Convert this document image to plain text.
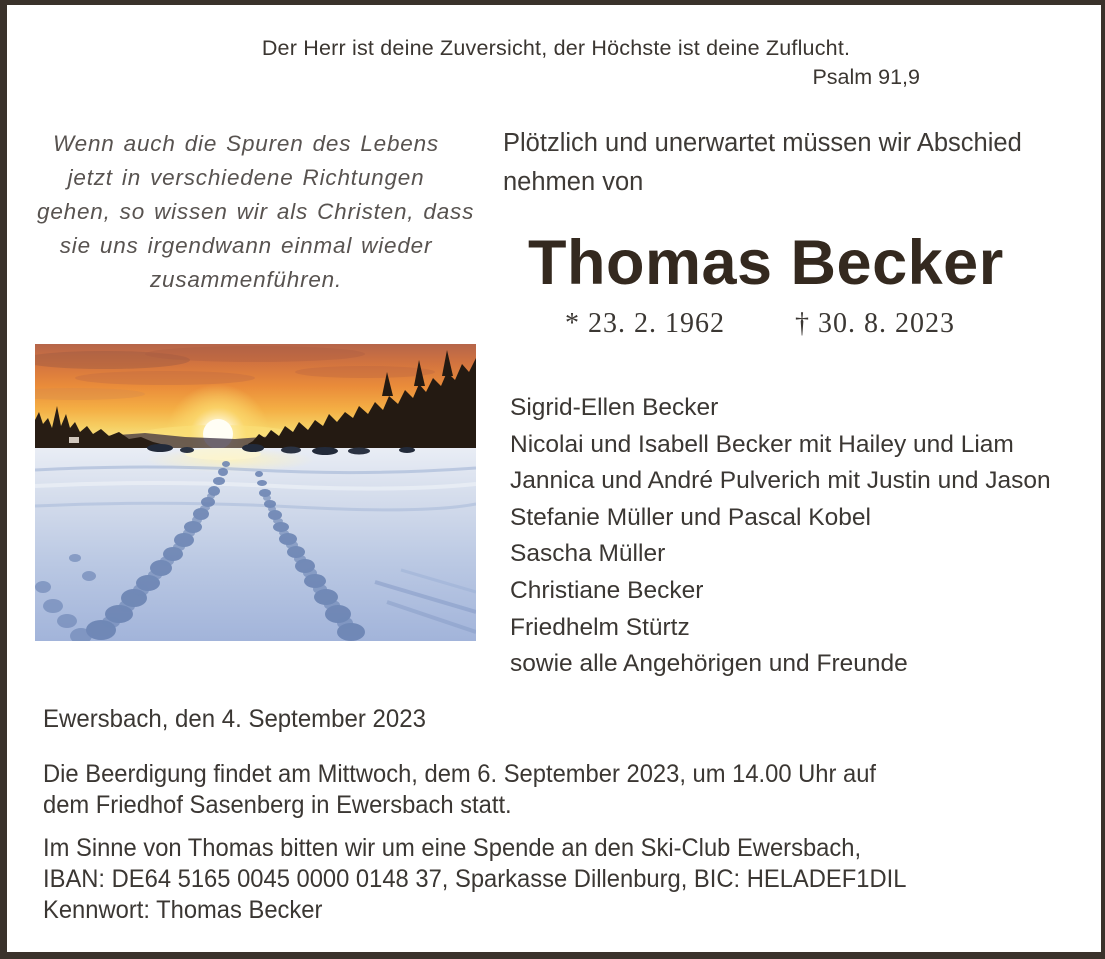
Der Herr ist deine Zuversicht, der Höchste ist deine Zuflucht.
Psalm 91,9
Wenn auch die Spuren des Lebens
jetzt in verschiedene Richtungen
gehen, so wissen wir als Christen, dass
sie uns irgendwann einmal wieder
zusammenführen.
Plötzlich und unerwartet müssen wir Abschied
nehmen von
Thomas Becker
* 23. 2. 1962	† 30. 8. 2023
Sigrid-Ellen Becker
Nicolai und Isabell Becker mit Hailey und Liam
Jannica und André Pulverich mit Justin und Jason
Stefanie Müller und Pascal Kobel
Sascha Müller
Christiane Becker
Friedhelm Stürtz
sowie alle Angehörigen und Freunde
Ewersbach, den 4. September 2023
Die Beerdigung findet am Mittwoch, dem 6. September 2023, um 14.00 Uhr auf
dem Friedhof Sasenberg in Ewersbach statt.
Im Sinne von Thomas bitten wir um eine Spende an den Ski-Club Ewersbach,
IBAN: DE64 5165 0045 0000 0148 37, Sparkasse Dillenburg, BIC: HELADEF1DIL
Kennwort: Thomas Becker
